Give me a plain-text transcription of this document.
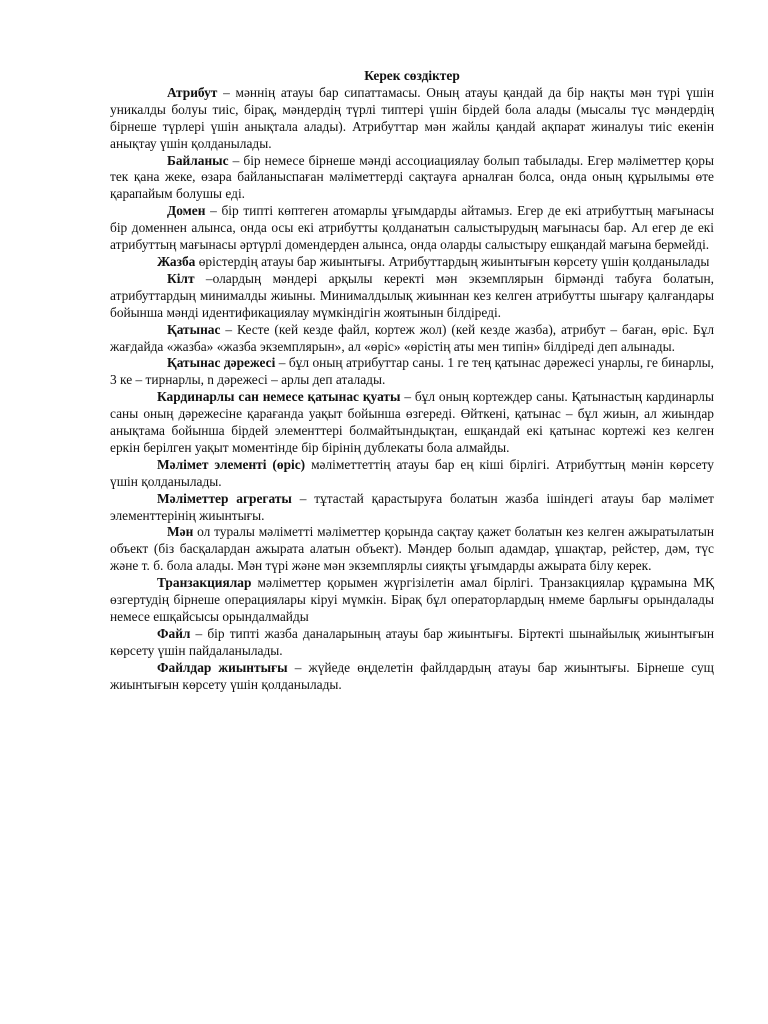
Керек сөздіктер

Атрибут – мәннің атауы бар сипаттамасы. Оның атауы қандай да бір нақты мән түрі үшін уникалды болуы тиіс, бірақ, мәндердің түрлі типтері үшін бірдей бола алады (мысалы түс мәндердің бірнеше түрлері үшін анықтала алады). Атрибуттар мән жайлы қандай ақпарат жиналуы тиіс екенін анықтау үшін қолданылады.

Байланыс – бір немесе бірнеше мәнді ассоциациялау болып табылады. Егер мәліметтер қоры тек қана жеке, өзара байланыспаған мәліметтерді сақтауға арналған болса, онда оның құрылымы өте қарапайым болушы еді.

Домен – бір типті көптеген атомарлы ұғымдарды айтамыз. Егер де екі атрибуттың мағынасы бір доменнен алынса, онда осы екі атрибутты қолданатын салыстырудың мағынасы бар. Ал егер де екі атрибуттың мағынасы әртүрлі домендерден алынса, онда оларды салыстыру ешқандай мағына бермейді.

Жазба өрістердің атауы бар жиынтығы. Атрибуттардың жиынтығын көрсету үшін қолданылады

Кілт –олардың мәндері арқылы керекті мән экземплярын бірмәнді табуға болатын, атрибуттардың минималды жиыны. Минималдылық жиыннан кез келген атрибутты шығару қалғандары бойынша мәнді идентификациялау мүмкіндігін жоятынын білдіреді.

Қатынас – Кесте (кей кезде файл, кортеж жол) (кей кезде жазба), атрибут – баған, өріс. Бұл жағдайда «жазба» «жазба экземплярын», ал «өріс» «өрістің аты мен типін» білдіреді деп алынады.

Қатынас дәрежесі – бұл оның атрибуттар саны. 1 ге тең қатынас дәрежесі унарлы, ге бинарлы, 3 ке – тирнарлы, n дәрежесі – арлы деп аталады.

Кардинарлы сан немесе қатынас қуаты – бұл оның кортеждер саны. Қатынастың кардинарлы саны оның дәрежесіне қарағанда уақыт бойынша өзгереді. Өйткені, қатынас – бұл жиын, ал жиындар анықтама бойынша бірдей элементтері болмайтындықтан, ешқандай екі қатынас кортежі кез келген еркін берілген уақыт моментінде бір бірінің дублекаты бола алмайды.

Мәлімет элементі (өріс) мәліметтеттің атауы бар ең кіші бірлігі. Атрибуттың мәнін көрсету үшін қолданылады.

Мәліметтер агрегаты – тұтастай қарастыруға болатын жазба ішіндегі атауы бар мәлімет элементтерінің жиынтығы.

Мән ол туралы мәліметті мәліметтер қорында сақтау қажет болатын кез келген ажыратылатын объект (біз басқалардан ажырата алатын объект). Мәндер болып адамдар, ұшақтар, рейстер, дәм, түс және т. б. бола алады. Мән түрі және мән экземплярлы сияқты ұғымдарды ажырата білу керек.

Транзакциялар мәліметтер қорымен жүргізілетін амал бірлігі. Транзакциялар құрамына МҚ өзгертудің бірнеше операциялары кіруі мүмкін. Бірақ бұл операторлардың нмеме барлығы орындалады немесе ешқайсысы орындалмайды

Файл – бір типті жазба даналарының атауы бар жиынтығы. Біртекті шынайылық жиынтығын көрсету үшін пайдаланылады.

Файлдар жиынтығы – жүйеде өңделетін файлдардың атауы бар жиынтығы. Бірнеше сущ жиынтығын көрсету үшін қолданылады.
